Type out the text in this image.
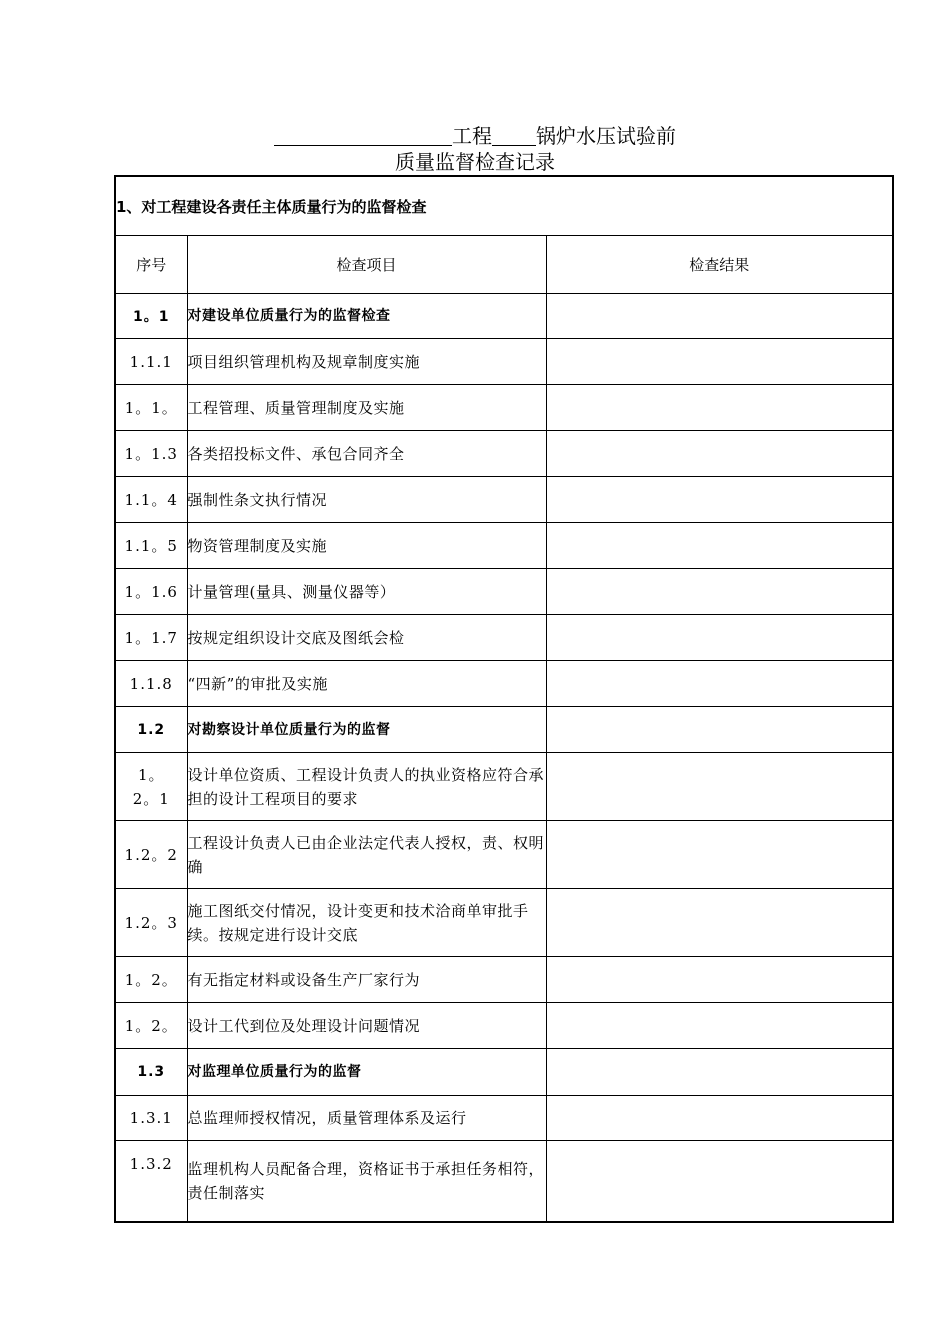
工程 锅炉水压试验前
质量监督检查记录
1、对工程建设各责任主体质量行为的监督检查		
序号	检查项目	检查结果
1。1	对建设单位质量行为的监督检查	
1.1.1	项目组织管理机构及规章制度实施	
1。1。	工程管理、质量管理制度及实施	
1。1.3	各类招投标文件、承包合同齐全	
1.1。4	强制性条文执行情况	
1.1。5	物资管理制度及实施	
1。1.6	计量管理(量具、测量仪器等）	
1。1.7	按规定组织设计交底及图纸会检	
1.1.8	“四新”的审批及实施	
1.2	对勘察设计单位质量行为的监督	
1。2。1	设计单位资质、工程设计负责人的执业资格应符合承担的设计工程项目的要求	
1.2。2	工程设计负责人已由企业法定代表人授权，责、权明确	
1.2。3	施工图纸交付情况，设计变更和技术洽商单审批手续。按规定进行设计交底	
1。2。	有无指定材料或设备生产厂家行为	
1。2。	设计工代到位及处理设计问题情况	
1.3	对监理单位质量行为的监督	
1.3.1	总监理师授权情况，质量管理体系及运行	
1.3.2	监理机构人员配备合理，资格证书于承担任务相符，责任制落实	
